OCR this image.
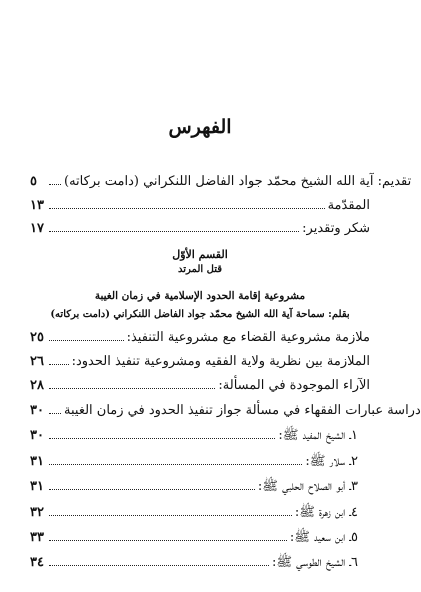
الفهرس
٥	تقديم: آية الله الشيخ محمّد جواد الفاضل اللنكراني (دامت بركاته)
١٣	المقدّمة
١٧	شكر وتقدير:
القسم الأوّل
قتل المرتد
مشروعية إقامة الحدود الإسلامية في زمان الغيبة
بقلم: سماحة آية الله الشيخ محمّد جواد الفاضل اللنكراني (دامت بركاته)
٢٥	ملازمة مشروعية القضاء مع مشروعية التنفيذ:
٢٦ الملازمة بين نظرية ولاية الفقيه ومشروعية تنفيذ الحدود:
٢٨	الآراء الموجودة في المسألة:
٣٠ دراسة عبارات الفقهاء في مسألة جواز تنفيذ الحدود في زمان الغيبة
٣٠	١ـ الشيخ المفيد ﷺ:
٣١	٢ـ سلار ﷺ:
٣١	٣ـ أبو الصلاح الحلبي ﷺ:
٣٢	٤ـ ابن زهرة ﷺ:
٣٣	٥ـ ابن سعيد ﷺ:
٣٤	٦ـ الشيخ الطوسي ﷺ:
